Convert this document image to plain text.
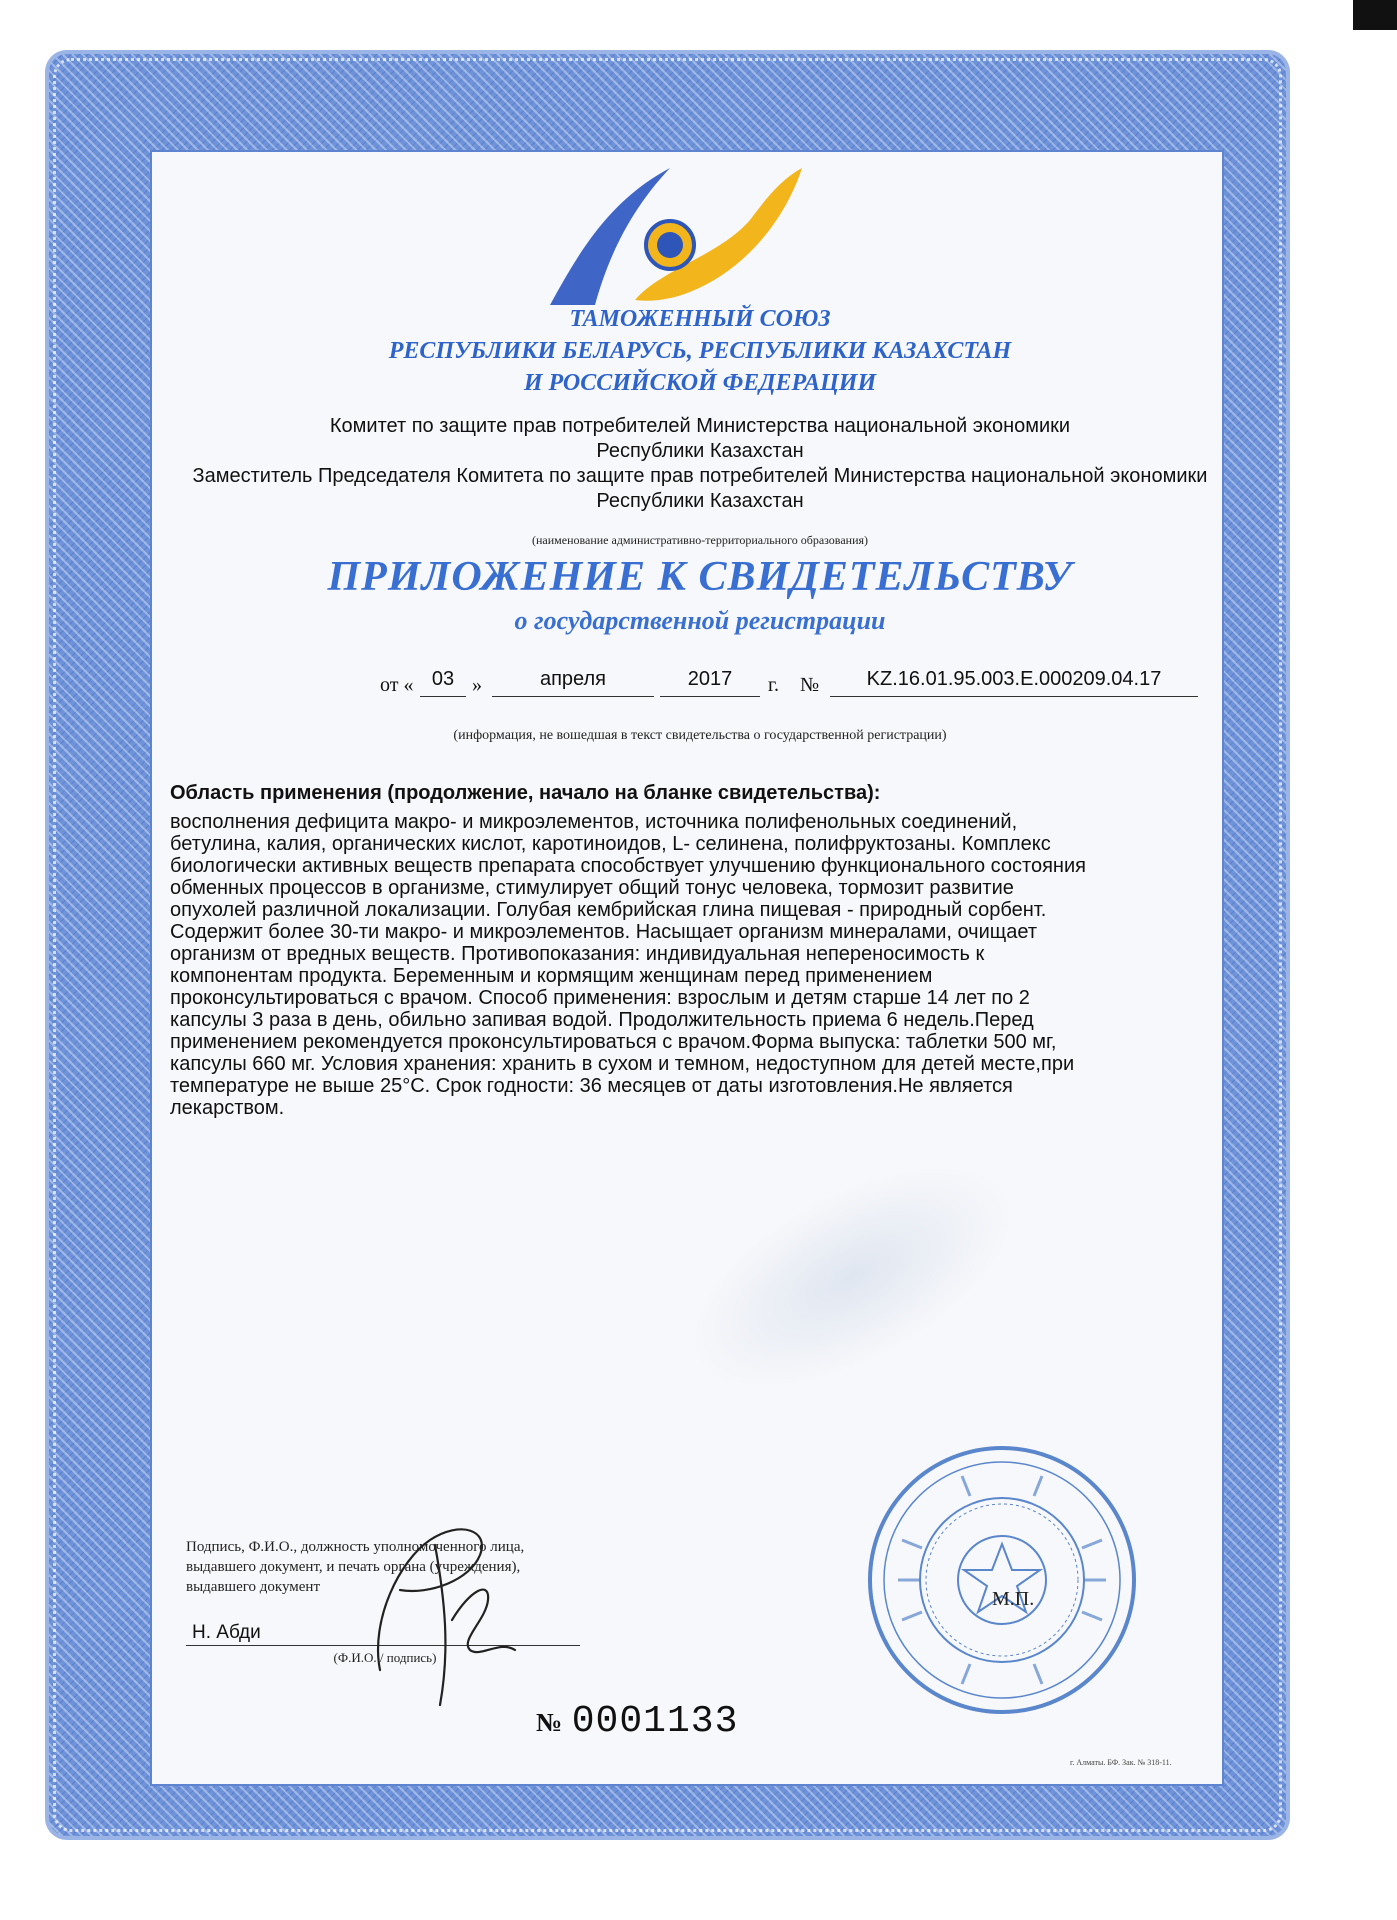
ТАМОЖЕННЫЙ СОЮЗ
РЕСПУБЛИКИ БЕЛАРУСЬ, РЕСПУБЛИКИ КАЗАХСТАН
И РОССИЙСКОЙ ФЕДЕРАЦИИ
Комитет по защите прав потребителей Министерства национальной экономики Республики Казахстан
Заместитель Председателя Комитета по защите прав потребителей Министерства национальной экономики Республики Казахстан
(наименование административно-территориального образования)
ПРИЛОЖЕНИЕ К СВИДЕТЕЛЬСТВУ
о государственной регистрации
от « 03 »	апреля	2017	г. №	KZ.16.01.95.003.E.000209.04.17
(информация, не вошедшая в текст свидетельства о государственной регистрации)
Область применения (продолжение, начало на бланке свидетельства):
восполнения дефицита макро- и микроэлементов, источника полифенольных соединений,
бетулина, калия, органических кислот, каротиноидов, L- селинена, полифруктозаны. Комплекс
биологически активных веществ препарата способствует улучшению функционального состояния
обменных процессов в организме, стимулирует общий тонус человека, тормозит развитие
опухолей различной локализации. Голубая кембрийская глина пищевая - природный сорбент.
Содержит более 30-ти макро- и микроэлементов. Насыщает организм минералами, очищает
организм от вредных веществ. Противопоказания: индивидуальная непереносимость к
компонентам продукта. Беременным и кормящим женщинам перед применением
проконсультироваться с врачом. Способ применения: взрослым и детям старше 14 лет по 2
капсулы 3 раза в день, обильно запивая водой. Продолжительность приема 6 недель.Перед
применением рекомендуется проконсультироваться с врачом.Форма выпуска: таблетки 500 мг,
капсулы 660 мг. Условия хранения: хранить в сухом и темном, недоступном для детей месте,при
температуре не выше 25°С. Срок годности: 36 месяцев от даты изготовления.Не является
лекарством.
Подпись, Ф.И.О., должность уполномоченного лица,
выдавшего документ, и печать органа (учреждения),
выдавшего документ
Н. Абди
(Ф.И.О. / подпись)
М.П.
№ 0001133
г. Алматы. БФ. Зак. № 318-11.
